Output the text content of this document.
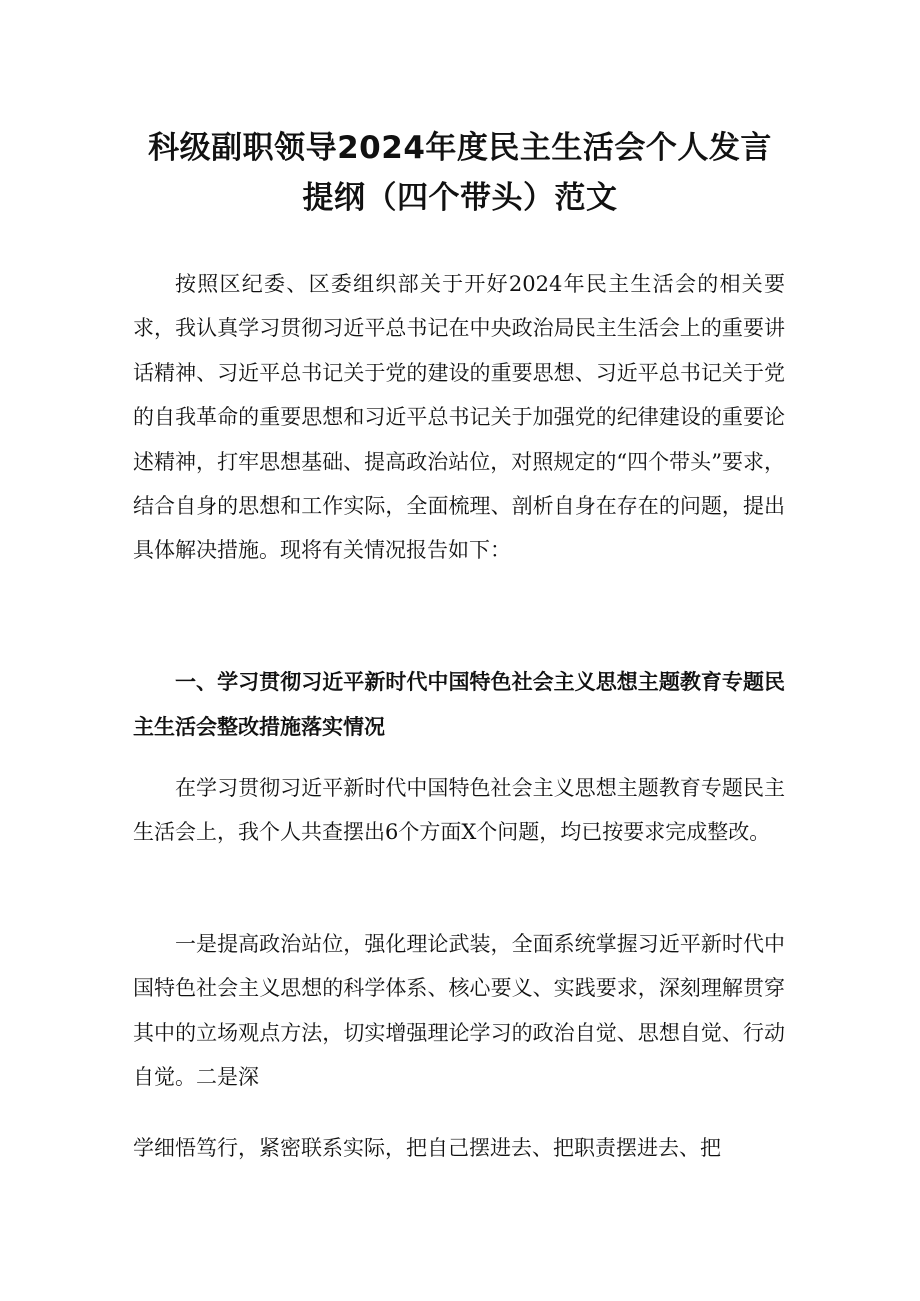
科级副职领导2024年度民主生活会个人发言
提纲（四个带头）范文

按照区纪委、区委组织部关于开好2024年民主生活会的相关要求，我认真学习贯彻习近平总书记在中央政治局民主生活会上的重要讲话精神、习近平总书记关于党的建设的重要思想、习近平总书记关于党的自我革命的重要思想和习近平总书记关于加强党的纪律建设的重要论述精神，打牢思想基础、提高政治站位，对照规定的“四个带头”要求，结合自身的思想和工作实际，全面梳理、剖析自身在存在的问题，提出具体解决措施。现将有关情况报告如下：

一、学习贯彻习近平新时代中国特色社会主义思想主题教育专题民主生活会整改措施落实情况

在学习贯彻习近平新时代中国特色社会主义思想主题教育专题民主生活会上，我个人共查摆出6个方面X个问题，均已按要求完成整改。

一是提高政治站位，强化理论武装，全面系统掌握习近平新时代中国特色社会主义思想的科学体系、核心要义、实践要求，深刻理解贯穿其中的立场观点方法，切实增强理论学习的政治自觉、思想自觉、行动自觉。二是深

学细悟笃行，紧密联系实际，把自己摆进去、把职责摆进去、把
